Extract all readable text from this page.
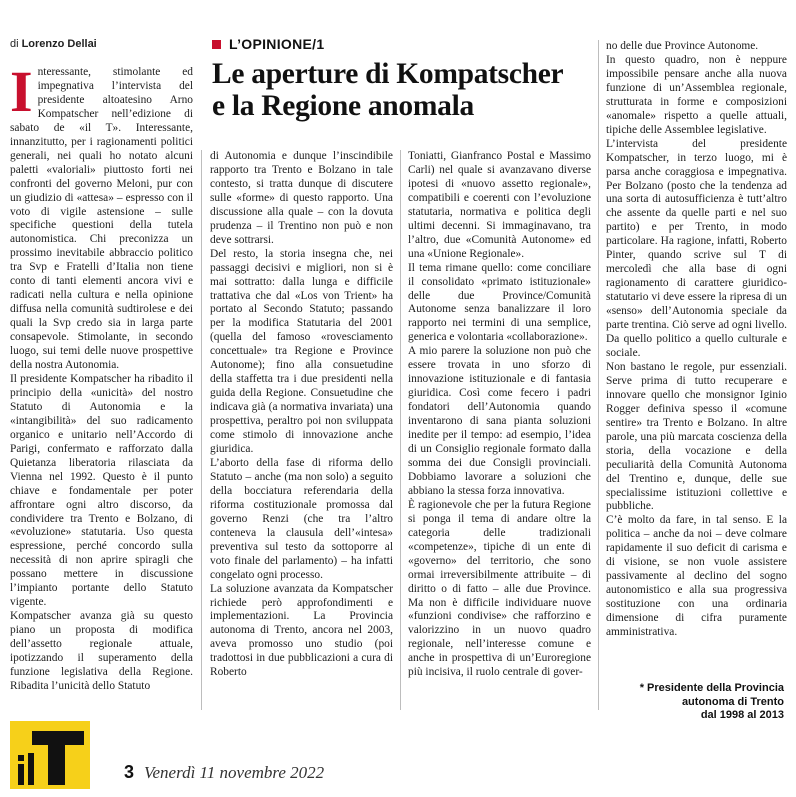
di Lorenzo Dellai	L’OPINIONE/1
Le aperture di Kompatscher
e la Regione anomala
I nteressante, stimolante ed impegnativa l’intervista del presidente altoatesino Arno Kompatscher nell’edizione di sabato de «il T». Interessante, innanzitutto, per i ragionamenti politici generali, nei quali ho notato alcuni paletti «valoriali» piuttosto forti nei confronti del governo Meloni, pur con un giudizio di «attesa» – espresso con il voto di vigile astensione – sulle specifiche questioni della tutela autonomistica. Chi preconizza un prossimo inevitabile abbraccio politico tra Svp e Fratelli d’Italia non tiene conto di tanti elementi ancora vivi e radicati nella cultura e nella opinione diffusa nella comunità sudtirolese e dei quali la Svp credo sia in larga parte consapevole. Stimolante, in secondo luogo, sui temi delle nuove prospettive della nostra Autonomia.

Il presidente Kompatscher ha ribadito il principio della «unicità» del nostro Statuto di Autonomia e la «intangibilità» del suo radicamento organico e unitario nell’Accordo di Parigi, confermato e rafforzato dalla Quietanza liberatoria rilasciata da Vienna nel 1992. Questo è il punto chiave e fondamentale per poter affrontare ogni altro discorso, da condividere tra Trento e Bolzano, di «evoluzione» statutaria. Uso questa espressione, perché concordo sulla necessità di non aprire spiragli che possano mettere in discussione l’impianto portante dello Statuto vigente.

Kompatscher avanza già su questo piano un proposta di modifica dell’assetto regionale attuale, ipotizzando il superamento della funzione legislativa della Regione. Ribadita l’unicità dello Statuto

di Autonomia e dunque l’inscindibile rapporto tra Trento e Bolzano in tale contesto, si tratta dunque di discutere sulle «forme» di questo rapporto. Una discussione alla quale – con la dovuta prudenza – il Trentino non può e non deve sottrarsi.

Del resto, la storia insegna che, nei passaggi decisivi e migliori, non si è mai sottratto: dalla lunga e difficile trattativa che dal «Los von Trient» ha portato al Secondo Statuto; passando per la modifica Statutaria del 2001 (quella del famoso «rovesciamento concettuale» tra Regione e Province Autonome); fino alla consuetudine della staffetta tra i due presidenti nella guida della Regione. Consuetudine che indicava già (a normativa invariata) una prospettiva, peraltro poi non sviluppata come stimolo di innovazione anche giuridica.

L’aborto della fase di riforma dello Statuto – anche (ma non solo) a seguito della bocciatura referendaria della riforma costituzionale promossa dal governo Renzi (che tra l’altro conteneva la clausula dell’«intesa» preventiva sul testo da sottoporre al voto finale del parlamento) – ha infatti congelato ogni processo.

La soluzione avanzata da Kompatscher richiede però approfondimenti e implementazioni. La Provincia autonoma di Trento, ancora nel 2003, aveva promosso uno studio (poi tradottosi in due pubblicazioni a cura di Roberto

Toniatti, Gianfranco Postal e Massimo Carli) nel quale si avanzavano diverse ipotesi di «nuovo assetto regionale», compatibili e coerenti con l’evoluzione statutaria, normativa e politica degli ultimi decenni. Si immaginavano, tra l’altro, due «Comunità Autonome» ed una «Unione Regionale».

Il tema rimane quello: come conciliare il consolidato «primato istituzionale» delle due Province/Comunità Autonome senza banalizzare il loro rapporto nei termini di una semplice, generica e volontaria «collaborazione».

A mio parere la soluzione non può che essere trovata in uno sforzo di innovazione istituzionale e di fantasia giuridica. Così come fecero i padri fondatori dell’Autonomia quando inventarono di sana pianta soluzioni inedite per il tempo: ad esempio, l’idea di un Consiglio regionale formato dalla somma dei due Consigli provinciali. Dobbiamo lavorare a soluzioni che abbiano la stessa forza innovativa.

È ragionevole che per la futura Regione si ponga il tema di andare oltre la categoria delle tradizionali «competenze», tipiche di un ente di «governo» del territorio, che sono ormai irreversibilmente attribuite – di diritto o di fatto – alle due Province. Ma non è difficile individuare nuove «funzioni condivise» che rafforzino e valorizzino in un nuovo quadro regionale, nell’interesse comune e anche in prospettiva di un’Euroregione più incisiva, il ruolo centrale di gover-

no delle due Province Autonome.

In questo quadro, non è neppure impossibile pensare anche alla nuova funzione di un’Assemblea regionale, strutturata in forme e composizioni «anomale» rispetto a quelle attuali, tipiche delle Assemblee legislative.

L’intervista del presidente Kompatscher, in terzo luogo, mi è parsa anche coraggiosa e impegnativa. Per Bolzano (posto che la tendenza ad una sorta di autosufficienza è tutt’altro che assente da quelle parti e nel suo partito) e per Trento, in modo particolare. Ha ragione, infatti, Roberto Pinter, quando scrive sul T di mercoledì che alla base di ogni ragionamento di carattere giuridico-statutario vi deve essere la ripresa di un «senso» dell’Autonomia speciale da parte trentina. Ciò serve ad ogni livello. Da quello politico a quello culturale e sociale.

Non bastano le regole, pur essenziali. Serve prima di tutto recuperare e innovare quello che monsignor Iginio Rogger definiva spesso il «comune sentire» tra Trento e Bolzano. In altre parole, una più marcata coscienza della storia, della vocazione e della peculiarità della Comunità Autonoma del Trentino e, dunque, delle sue specialissime istituzioni collettive e pubbliche.

C’è molto da fare, in tal senso. E la politica – anche da noi – deve colmare rapidamente il suo deficit di carisma e di visione, se non vuole assistere passivamente al declino del sogno autonomistico e alla sua progressiva sostituzione con una ordinaria dimensione di cifra puramente amministrativa.

* Presidente della Provincia
autonoma di Trento
dal 1998 al 2013
3 Venerdì 11 novembre 2022
